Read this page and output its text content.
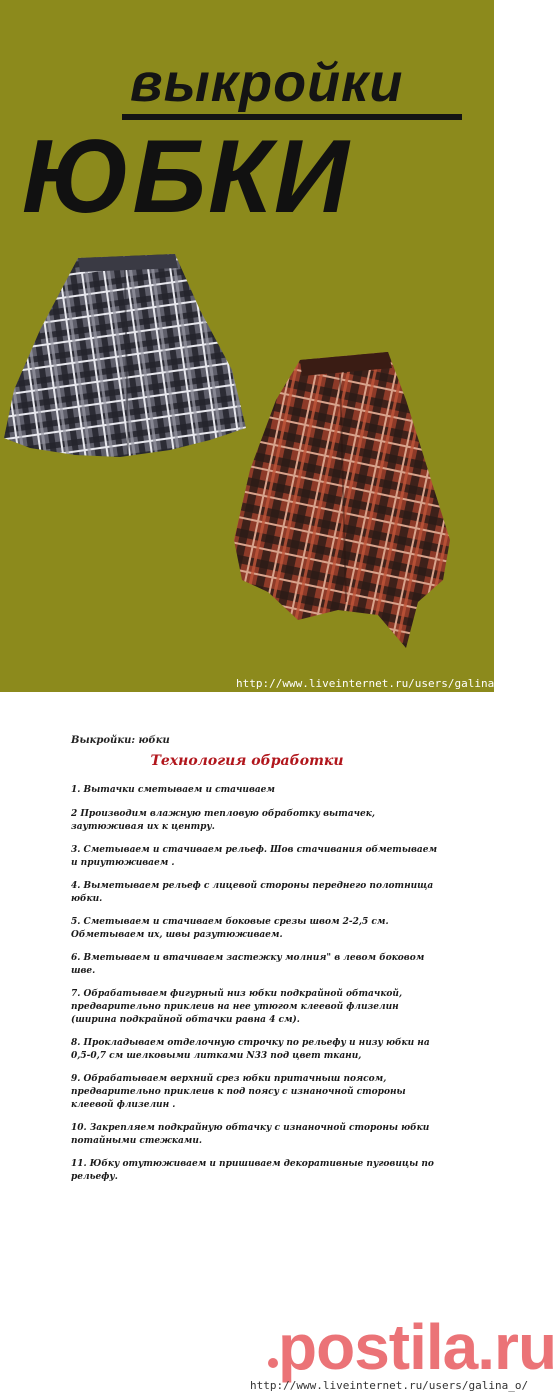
выкройки
ЮБКИ
http://www.liveinternet.ru/users/galina_o/
Выкройки: юбки
Технология обработки
1. Вытачки сметываем и стачиваем
2 Производим влажную тепловую обработку вытачек, заутюживая их к центру.
3. Сметываем и стачиваем рельеф. Шов стачивания обметываем и приутюживаем .
4. Выметываем рельеф с лицевой стороны переднего полотнища юбки.
5. Сметываем и стачиваем боковые срезы швом 2-2,5 см. Обметываем их, швы разутюживаем.
6. Вметываем и втачиваем застежку молния" в левом боковом шве.
7. Обрабатываем фигурный низ юбки подкрайной обтачкой, предварительно приклеив на нее утюгом клеевой флизелин (ширина подкрайной обтачки равна 4 см).
8. Прокладываем отделочную строчку по рельефу и низу юбки на 0,5-0,7 см шелковыми литками N33 под цвет ткани,
9. Обрабатываем верхний срез юбки притачныш поясом, предварительно приклеив к под поясу с изнаночной стороны клеевой флизелин .
10. Закрепляем подкрайную обтачку с изнаночной стороны юбки потайными стежками.
11. Юбку отутюживаем и пришиваем декоративные пуговицы по рельефу.
postila.ru
http://www.liveinternet.ru/users/galina_o/
